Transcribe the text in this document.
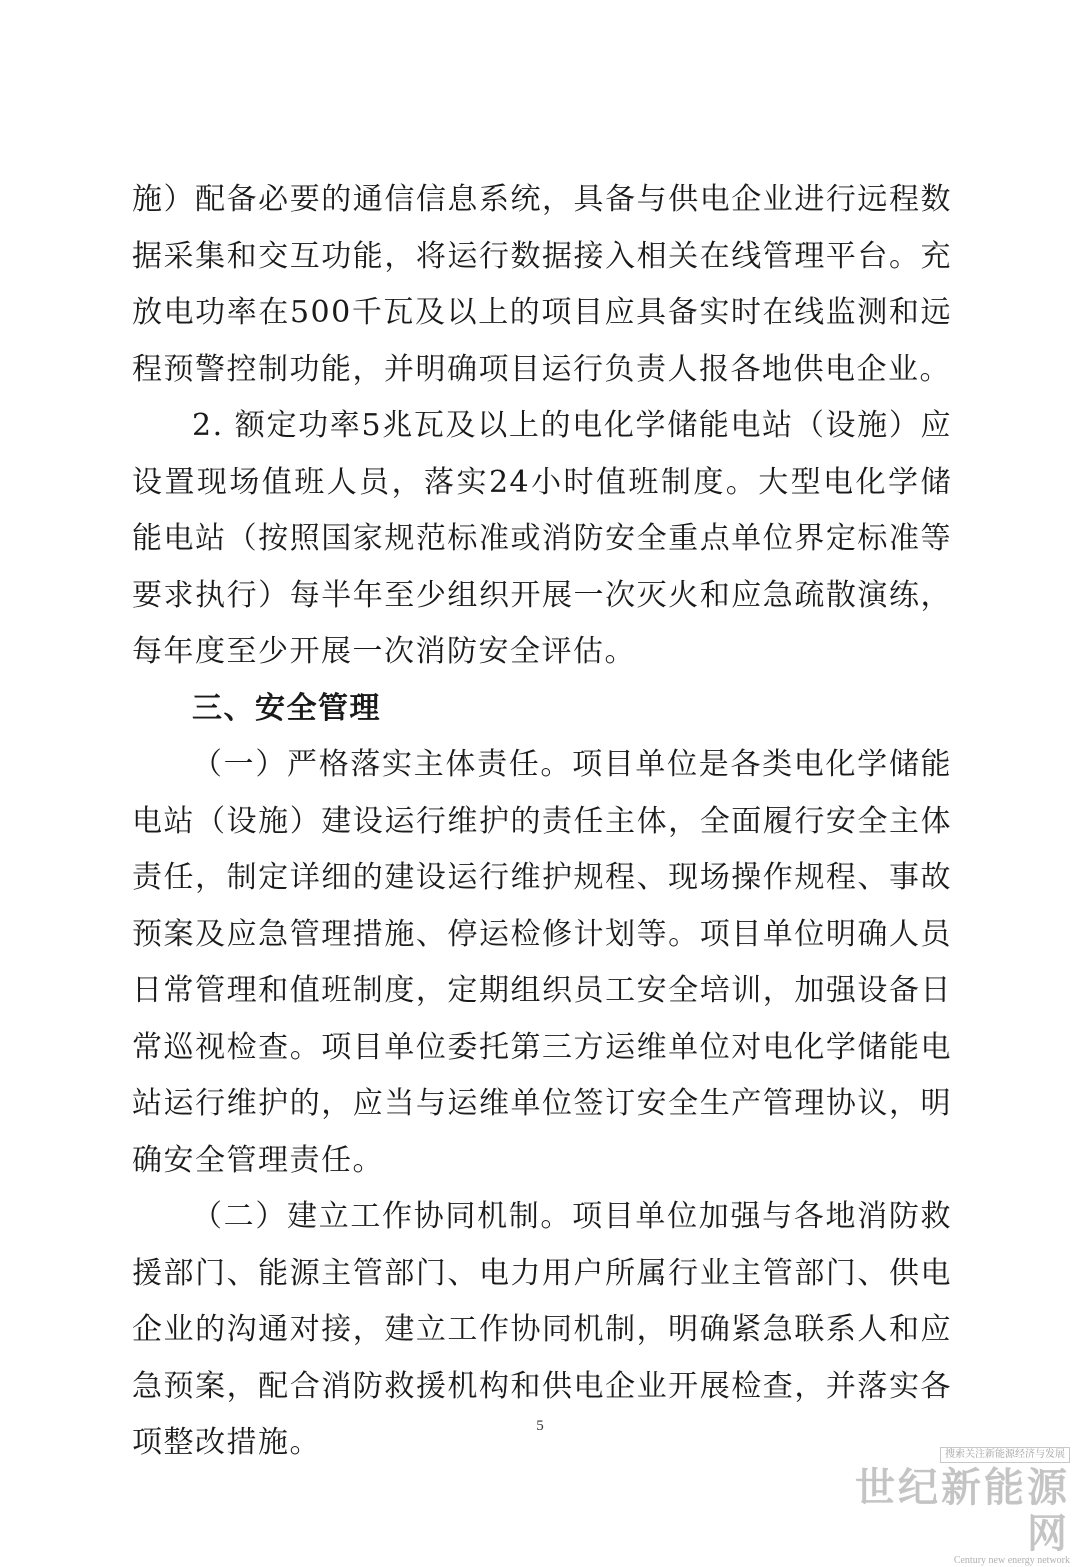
施）配备必要的通信信息系统，具备与供电企业进行远程数据采集和交互功能，将运行数据接入相关在线管理平台。充放电功率在500千瓦及以上的项目应具备实时在线监测和远程预警控制功能，并明确项目运行负责人报各地供电企业。

2. 额定功率5兆瓦及以上的电化学储能电站（设施）应设置现场值班人员，落实24小时值班制度。大型电化学储能电站（按照国家规范标准或消防安全重点单位界定标准等要求执行）每半年至少组织开展一次灭火和应急疏散演练，每年度至少开展一次消防安全评估。

三、安全管理

（一）严格落实主体责任。项目单位是各类电化学储能电站（设施）建设运行维护的责任主体，全面履行安全主体责任，制定详细的建设运行维护规程、现场操作规程、事故预案及应急管理措施、停运检修计划等。项目单位明确人员日常管理和值班制度，定期组织员工安全培训，加强设备日常巡视检查。项目单位委托第三方运维单位对电化学储能电站运行维护的，应当与运维单位签订安全生产管理协议，明确安全管理责任。

（二）建立工作协同机制。项目单位加强与各地消防救援部门、能源主管部门、电力用户所属行业主管部门、供电企业的沟通对接，建立工作协同机制，明确紧急联系人和应急预案，配合消防救援机构和供电企业开展检查，并落实各项整改措施。	5
搜索关注新能源经济与发展
世纪新能源网
Century new energy network
